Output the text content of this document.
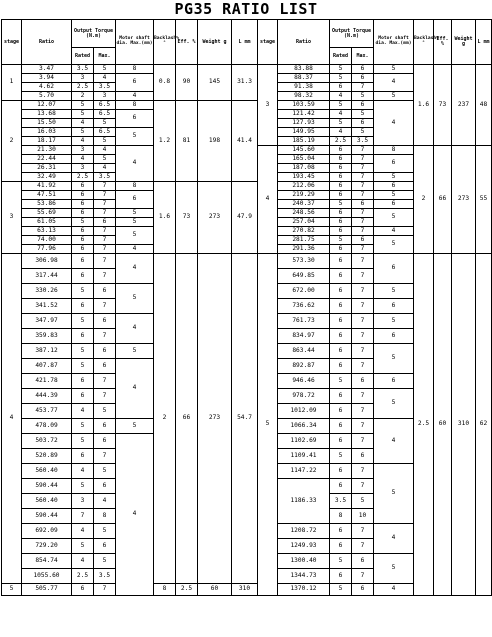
PG35 RATIO LIST
stage	Ratio	Output Torque (N.m)		Motor shaft dia. Max.(mm)	Backlash%°	Eff. %	Weight g	L mm	
		Rated	Max.						
1	3.47	3.5	5	8	0.8	90	145	31.3	
	3.94	3	4	6					
	4.62	2.5	3.5						
	5.70	2	3	4					
2	12.07	5	6.5	8	1.2	81	198	41.4	
	13.68	5	6.5	6					
	15.50	4	5						
	16.03	5	6.5	5					
	18.17	4	5						
	21.30	3	4	4					
	22.44	4	5						
	26.31	3	4						
	32.49	2.5	3.5						
3	41.92	6	7	8	1.6	73	273	47.9	
	47.51	6	7	6					
	53.86	6	7						
	55.69	6	7	5					
	61.05	5	6	5					
	63.13	6	7	5					
	74.00	6	7						
	77.96	6	7	4					
4	306.98	6	7	4	2	66	273	54.7	
	317.44	6	7						
	330.26	5	6	5					
	341.52	6	7						
	347.97	5	6	4					
	359.83	6	7						
	387.12	5	6	5					
	407.87	5	6	4					
	421.78	6	7						
	444.39	6	7						
	453.77	4	5						
	478.09	5	6	5					
	503.72	5	6	4					
	520.89	6	7						
	560.40	4	5						
	590.44	5	6						
	560.40	3	4						
	590.44	7	8						
	692.09	4	5						
	729.20	5	6						
	854.74	4	5						
	1055.60	2.5	3.5						
5	505.77	6	7		8	2.5	60	310	
stage	Ratio	Output Torque (N.m)		Motor shaft dia. Max.(mm)	Backlash%°	Eff. %	Weight g	L mm
		Rated	Max.					
3	83.88	5	6	5	1.6	73	237	48
	88.37	5	6	4				
	91.38	6	7					
	98.32	4	5	5				
	103.59	5	6	4				
	121.42	4	5					
	127.93	5	6					
	149.95	4	5					
	185.19	2.5	3.5					
4	145.60	6	7	8	2	66	273	55
	165.04	6	7	6				
	187.08	6	7					
	193.45	6	7	5				
	212.06	6	7	6				
	219.29	6	7	5				
	240.37	5	6	6				
	248.56	6	7	5				
	257.04	6	7					
	270.82	6	7	4				
	281.75	5	6	5				
	291.36	6	7					
5	573.30	6	7	6	2.5	60	310	62
	649.85	6	7					
	672.00	6	7	5				
	736.62	6	7	6				
	761.73	6	7	5				
	834.97	6	7	6				
	863.44	6	7	5				
	892.87	6	7					
	946.46	5	6	6				
	978.72	6	7	5				
	1012.09	6	7					
	1066.34	6	7	4				
	1102.69	6	7					
	1109.41	5	6					
	1147.22	6	7	5				
	1186.33	6	7					
		3.5	5					
		8	10					
	1208.72	6	7	4				
	1249.93	6	7					
	1300.40	5	6	5				
	1344.73	6	7					
	1370.12	5	6	4				
